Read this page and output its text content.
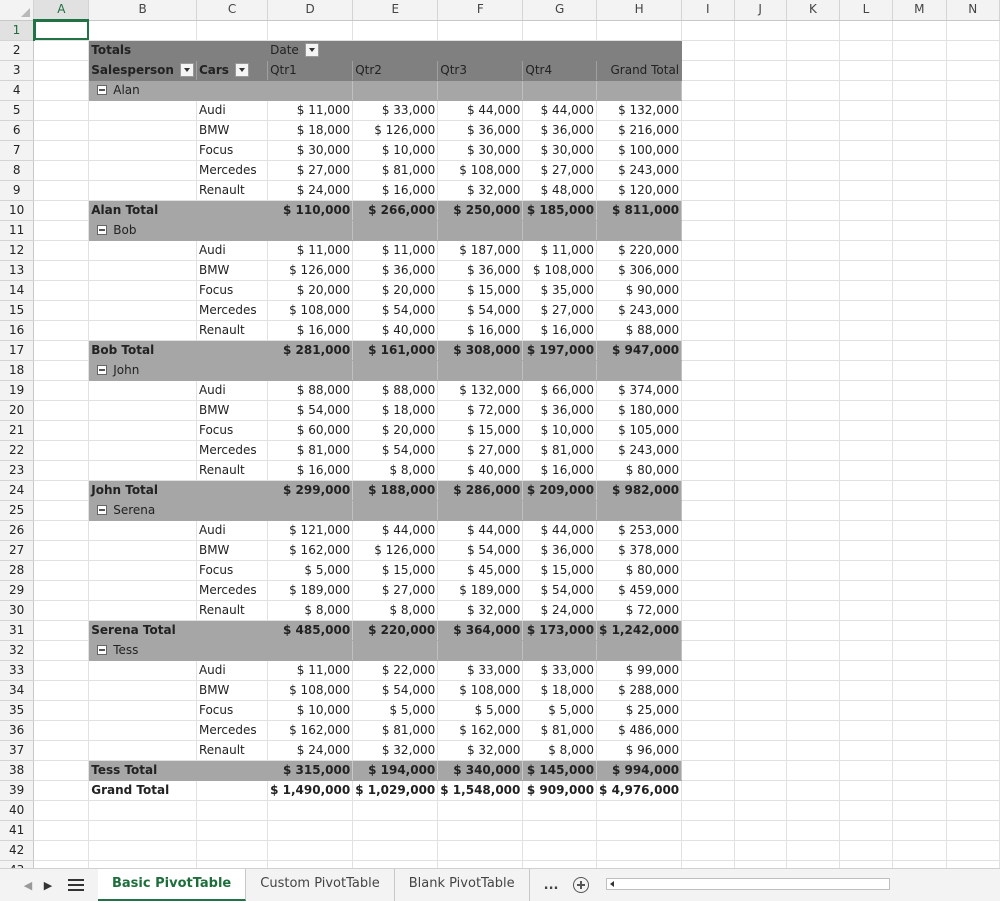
	A	B	C	D	E	F	G	H	I	J	K	L	M	N
1														
2		Totals		Date										
3		Salesperson	Cars	Qtr1	Qtr2	Qtr3	Qtr4	Grand Total						
4		Alan												
5			Audi	$ 11,000	$ 33,000	$ 44,000	$ 44,000	$ 132,000						
6			BMW	$ 18,000	$ 126,000	$ 36,000	$ 36,000	$ 216,000						
7			Focus	$ 30,000	$ 10,000	$ 30,000	$ 30,000	$ 100,000						
8			Mercedes	$ 27,000	$ 81,000	$ 108,000	$ 27,000	$ 243,000						
9			Renault	$ 24,000	$ 16,000	$ 32,000	$ 48,000	$ 120,000						
10		Alan Total		$ 110,000	$ 266,000	$ 250,000	$ 185,000	$ 811,000						
11		Bob												
12			Audi	$ 11,000	$ 11,000	$ 187,000	$ 11,000	$ 220,000						
13			BMW	$ 126,000	$ 36,000	$ 36,000	$ 108,000	$ 306,000						
14			Focus	$ 20,000	$ 20,000	$ 15,000	$ 35,000	$ 90,000						
15			Mercedes	$ 108,000	$ 54,000	$ 54,000	$ 27,000	$ 243,000						
16			Renault	$ 16,000	$ 40,000	$ 16,000	$ 16,000	$ 88,000						
17		Bob Total		$ 281,000	$ 161,000	$ 308,000	$ 197,000	$ 947,000						
18		John												
19			Audi	$ 88,000	$ 88,000	$ 132,000	$ 66,000	$ 374,000						
20			BMW	$ 54,000	$ 18,000	$ 72,000	$ 36,000	$ 180,000						
21			Focus	$ 60,000	$ 20,000	$ 15,000	$ 10,000	$ 105,000						
22			Mercedes	$ 81,000	$ 54,000	$ 27,000	$ 81,000	$ 243,000						
23			Renault	$ 16,000	$ 8,000	$ 40,000	$ 16,000	$ 80,000						
24		John Total		$ 299,000	$ 188,000	$ 286,000	$ 209,000	$ 982,000						
25		Serena												
26			Audi	$ 121,000	$ 44,000	$ 44,000	$ 44,000	$ 253,000						
27			BMW	$ 162,000	$ 126,000	$ 54,000	$ 36,000	$ 378,000						
28			Focus	$ 5,000	$ 15,000	$ 45,000	$ 15,000	$ 80,000						
29			Mercedes	$ 189,000	$ 27,000	$ 189,000	$ 54,000	$ 459,000						
30			Renault	$ 8,000	$ 8,000	$ 32,000	$ 24,000	$ 72,000						
31		Serena Total		$ 485,000	$ 220,000	$ 364,000	$ 173,000	$ 1,242,000						
32		Tess												
33			Audi	$ 11,000	$ 22,000	$ 33,000	$ 33,000	$ 99,000						
34			BMW	$ 108,000	$ 54,000	$ 108,000	$ 18,000	$ 288,000						
35			Focus	$ 10,000	$ 5,000	$ 5,000	$ 5,000	$ 25,000						
36			Mercedes	$ 162,000	$ 81,000	$ 162,000	$ 81,000	$ 486,000						
37			Renault	$ 24,000	$ 32,000	$ 32,000	$ 8,000	$ 96,000						
38		Tess Total		$ 315,000	$ 194,000	$ 340,000	$ 145,000	$ 994,000						
39		Grand Total		$ 1,490,000	$ 1,029,000	$ 1,548,000	$ 909,000	$ 4,976,000						
40														
41														
42														

◀	▶	Basic PivotTable	Custom PivotTable	Blank PivotTable	...
